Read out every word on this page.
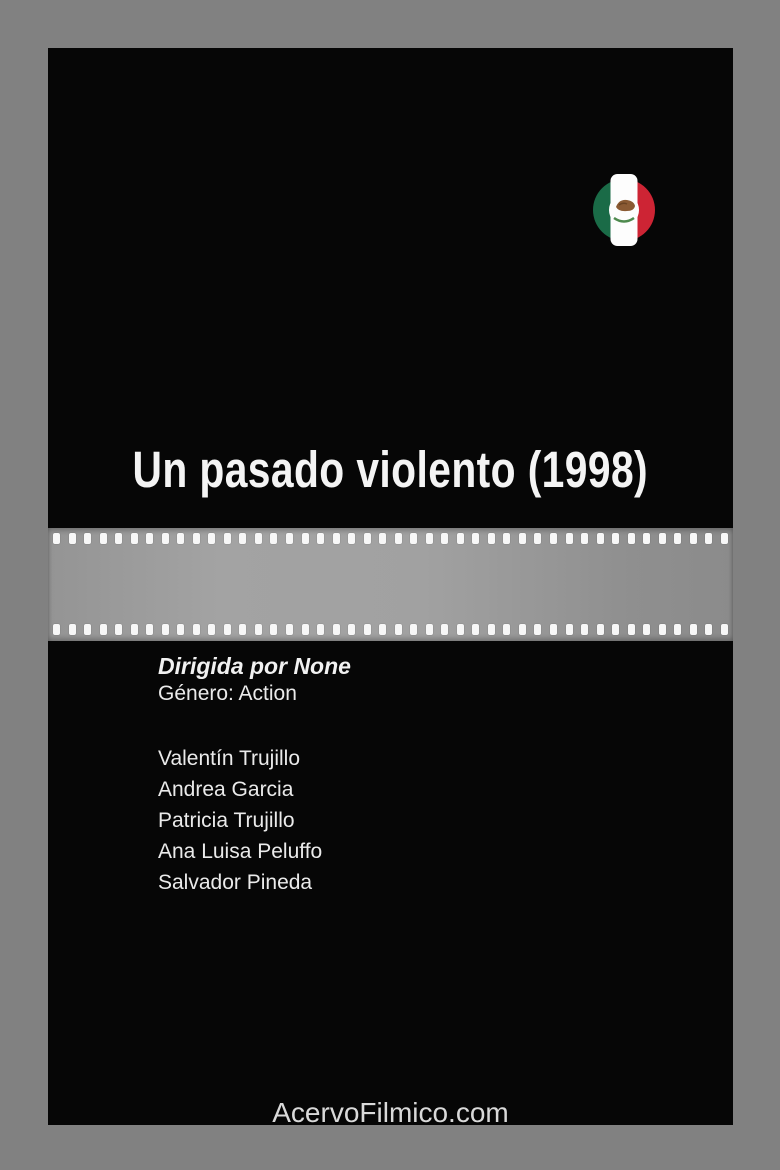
Un pasado violento (1998)
Dirigida por None
Género: Action
Valentín Trujillo
Andrea Garcia
Patricia Trujillo
Ana Luisa Peluffo
Salvador Pineda
AcervoFilmico.com
